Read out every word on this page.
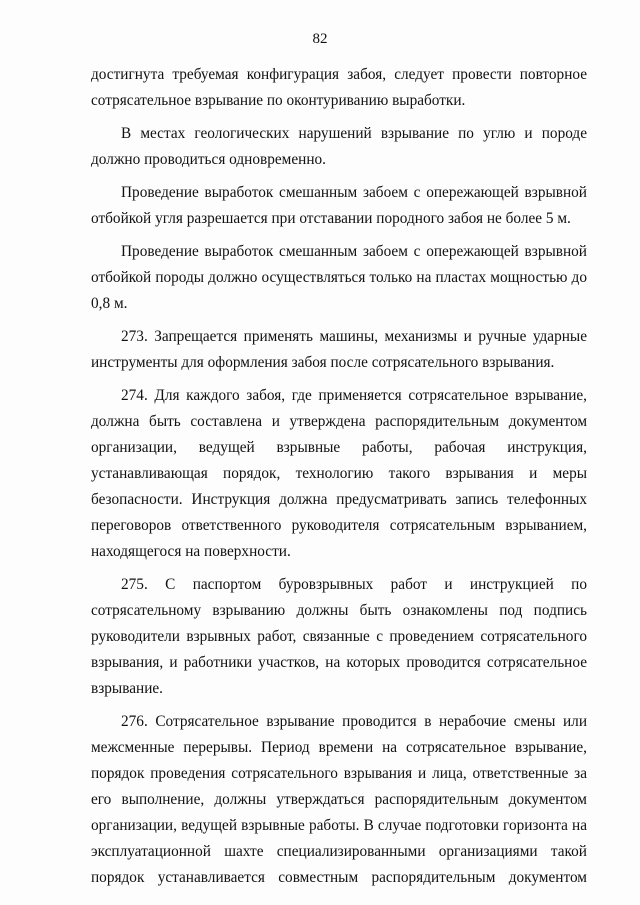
82

достигнута требуемая конфигурация забоя, следует провести повторное сотрясательное взрывание по оконтуриванию выработки.

В местах геологических нарушений взрывание по углю и породе должно проводиться одновременно.

Проведение выработок смешанным забоем с опережающей взрывной отбойкой угля разрешается при отставании породного забоя не более 5 м.

Проведение выработок смешанным забоем с опережающей взрывной отбойкой породы должно осуществляться только на пластах мощностью до 0,8 м.

273. Запрещается применять машины, механизмы и ручные ударные инструменты для оформления забоя после сотрясательного взрывания.

274. Для каждого забоя, где применяется сотрясательное взрывание, должна быть составлена и утверждена распорядительным документом организации, ведущей взрывные работы, рабочая инструкция, устанавливающая порядок, технологию такого взрывания и меры безопасности. Инструкция должна предусматривать запись телефонных переговоров ответственного руководителя сотрясательным взрыванием, находящегося на поверхности.

275. С паспортом буровзрывных работ и инструкцией по сотрясательному взрыванию должны быть ознакомлены под подпись руководители взрывных работ, связанные с проведением сотрясательного взрывания, и работники участков, на которых проводится сотрясательное взрывание.

276. Сотрясательное взрывание проводится в нерабочие смены или межсменные перерывы. Период времени на сотрясательное взрывание, порядок проведения сотрясательного взрывания и лица, ответственные за его выполнение, должны утверждаться распорядительным документом организации, ведущей взрывные работы. В случае подготовки горизонта на эксплуатационной шахте специализированными организациями такой порядок устанавливается совместным распорядительным документом
